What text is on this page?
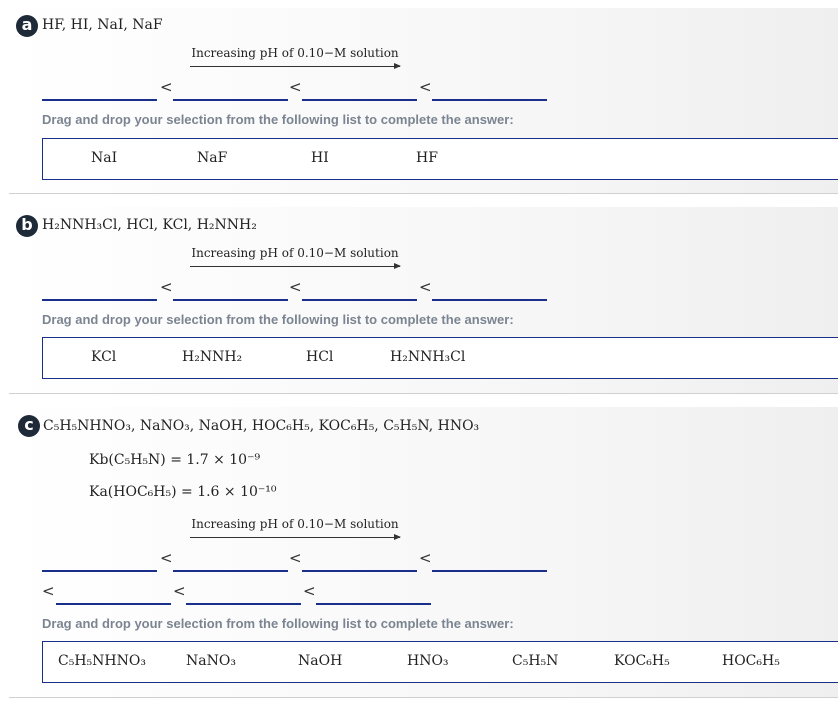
a HF, HI, NaI, NaF
Increasing pH of 0.10−M solution
<	<	<
Drag and drop your selection from the following list to complete the answer:
NaI	NaF	HI	HF
b H₂NNH₃Cl, HCl, KCl, H₂NNH₂
Increasing pH of 0.10−M solution
<	<	<
Drag and drop your selection from the following list to complete the answer:
KCl	H₂NNH₂	HCl	H₂NNH₃Cl
c C₅H₅NHNO₃, NaNO₃, NaOH, HOC₆H₅, KOC₆H₅, C₅H₅N, HNO₃
Kb(C₅H₅N) = 1.7 × 10⁻⁹
Ka(HOC₆H₅) = 1.6 × 10⁻¹⁰
Increasing pH of 0.10−M solution
<	<	<
<	<	<
Drag and drop your selection from the following list to complete the answer:
C₅H₅NHNO₃	NaNO₃	NaOH	HNO₃	C₅H₅N	KOC₆H₅	HOC₆H₅
